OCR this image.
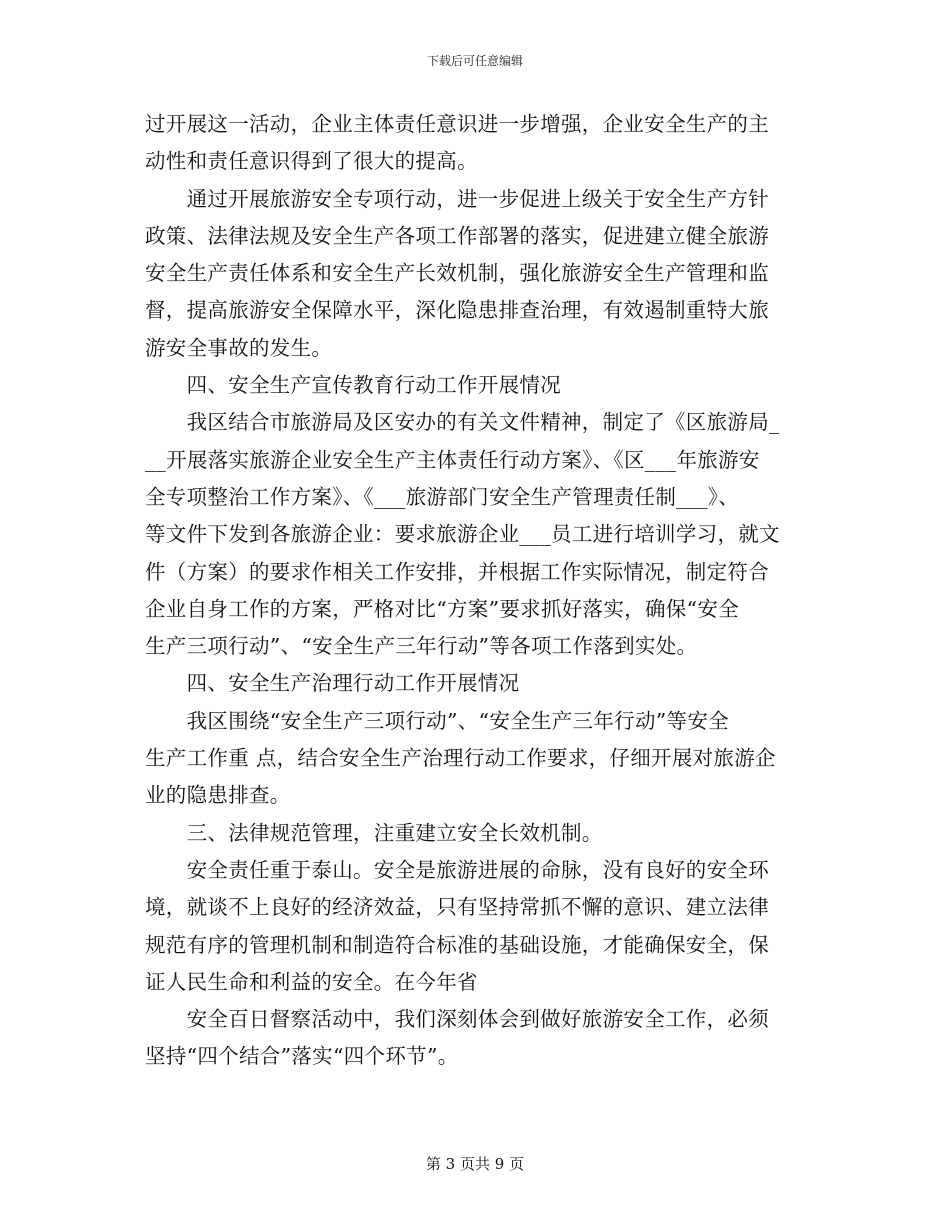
下载后可任意编辑
过开展这一活动，企业主体责任意识进一步增强，企业安全生产的主
动性和责任意识得到了很大的提高。
　　通过开展旅游安全专项行动，进一步促进上级关于安全生产方针
政策、法律法规及安全生产各项工作部署的落实，促进建立健全旅游
安全生产责任体系和安全生产长效机制，强化旅游安全生产管理和监
督，提高旅游安全保障水平，深化隐患排查治理，有效遏制重特大旅
游安全事故的发生。
　　四、安全生产宣传教育行动工作开展情况
　　我区结合市旅游局及区安办的有关文件精神，制定了《区旅游局_
__开展落实旅游企业安全生产主体责任行动方案》、《区___年旅游安
全专项整治工作方案》、《___旅游部门安全生产管理责任制___》、
等文件下发到各旅游企业：要求旅游企业___员工进行培训学习，就文
件（方案）的要求作相关工作安排，并根据工作实际情况，制定符合
企业自身工作的方案，严格对比“方案”要求抓好落实，确保“安全
生产三项行动”、“安全生产三年行动”等各项工作落到实处。
　　四、安全生产治理行动工作开展情况
　　我区围绕“安全生产三项行动”、“安全生产三年行动”等安全
生产工作重 点，结合安全生产治理行动工作要求，仔细开展对旅游企
业的隐患排查。
　　三、法律规范管理，注重建立安全长效机制。
　　安全责任重于泰山。安全是旅游进展的命脉，没有良好的安全环
境，就谈不上良好的经济效益，只有坚持常抓不懈的意识、建立法律
规范有序的管理机制和制造符合标准的基础设施，才能确保安全，保
证人民生命和利益的安全。在今年省
　　安全百日督察活动中，我们深刻体会到做好旅游安全工作，必须
坚持“四个结合”落实“四个环节”。
第 3 页共 9 页
